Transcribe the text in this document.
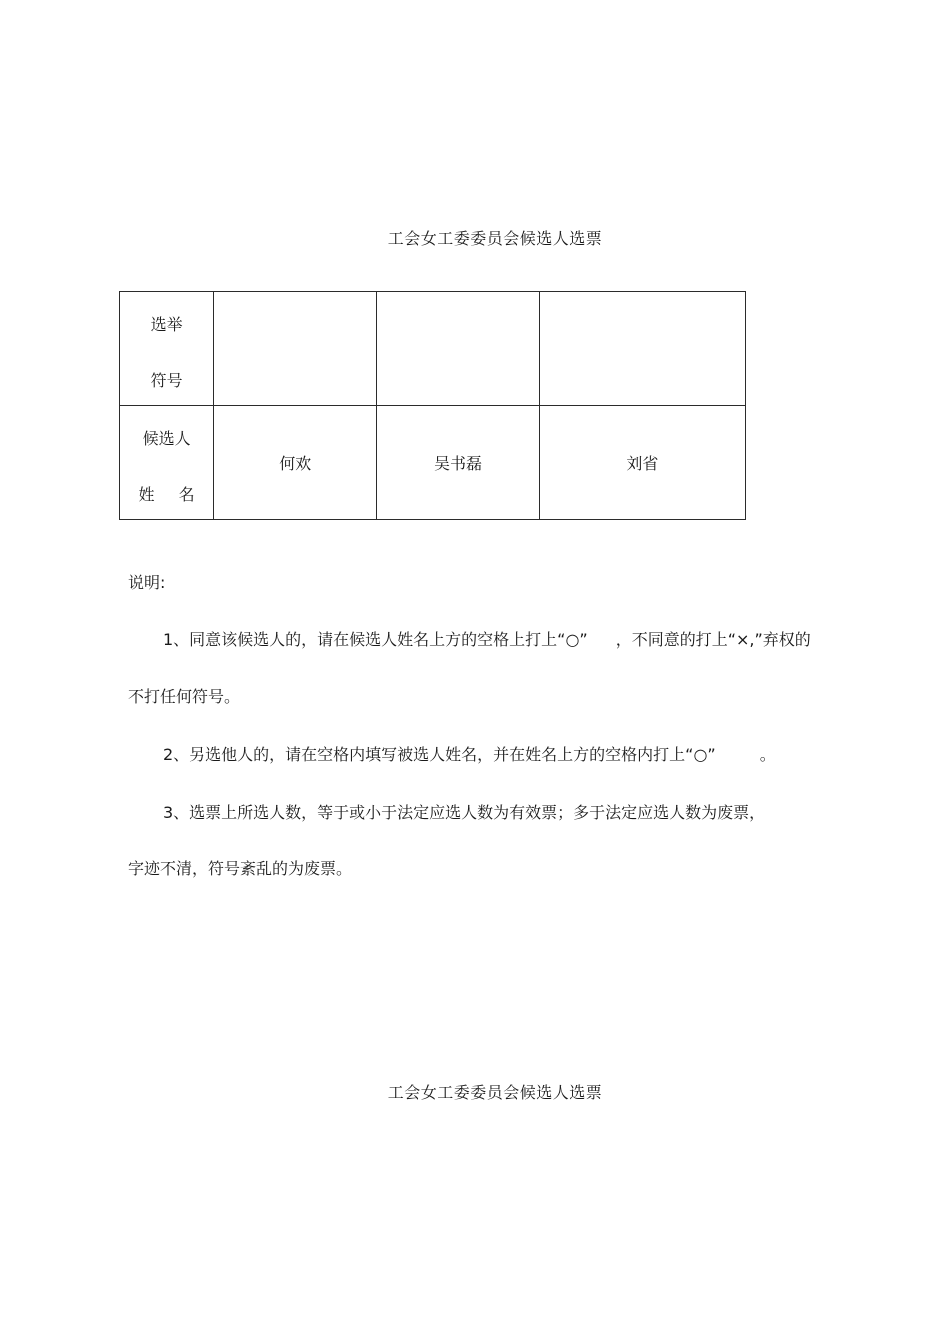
工会女工委委员会候选人选票
选举
符号			

候选人
姓 名	何欢	吴书磊	刘省
说明:
1、同意该候选人的，请在候选人姓名上方的空格上打上“○” ，不同意的打上“×,”弃权的
不打任何符号。
2、另选他人的，请在空格内填写被选人姓名，并在姓名上方的空格内打上“○”	。
3、选票上所选人数，等于或小于法定应选人数为有效票；多于法定应选人数为废票，
字迹不清，符号紊乱的为废票。
工会女工委委员会候选人选票
